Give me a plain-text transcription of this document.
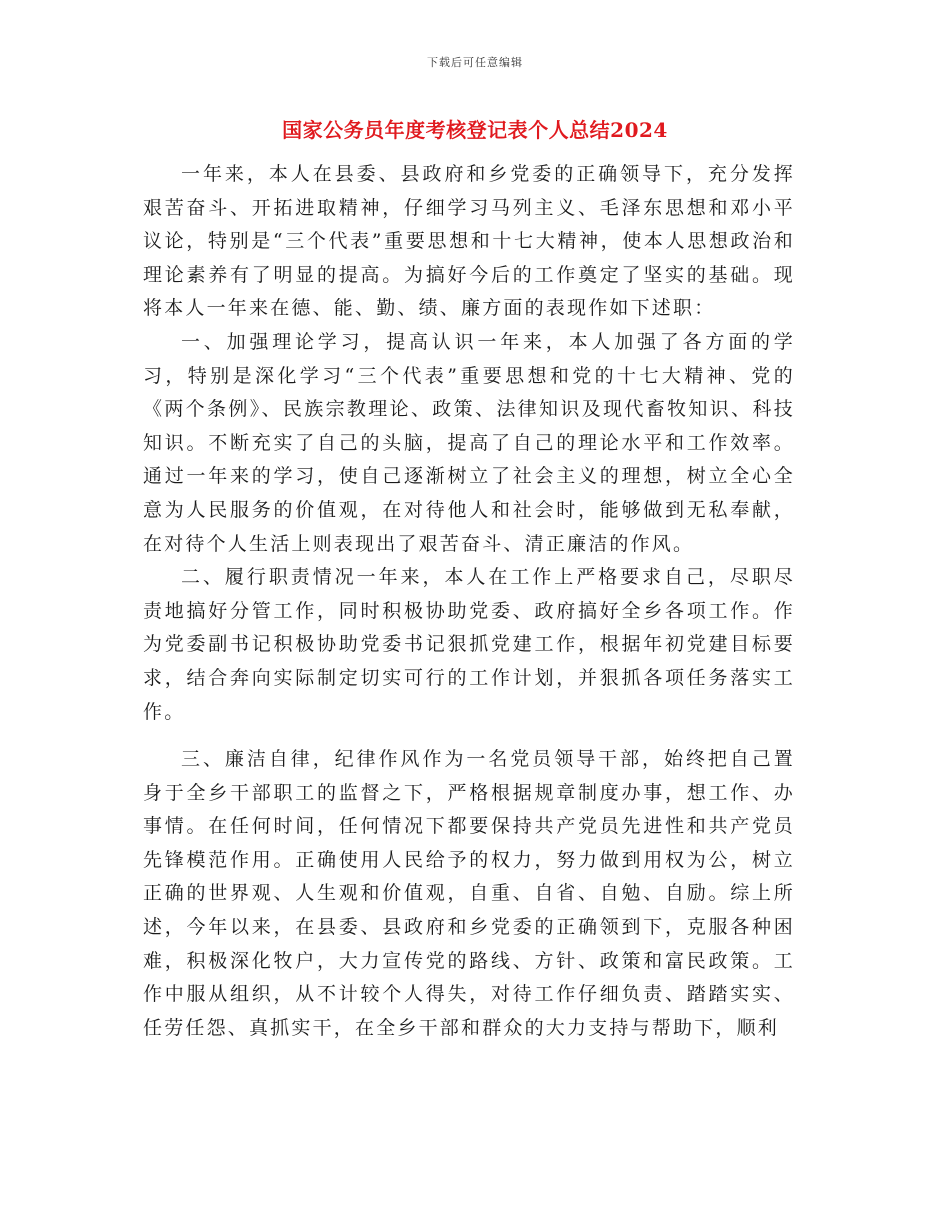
下载后可任意编辑
国家公务员年度考核登记表个人总结2024

一年来，本人在县委、县政府和乡党委的正确领导下，充分发挥艰苦奋斗、开拓进取精神，仔细学习马列主义、毛泽东思想和邓小平议论，特别是“三个代表”重要思想和十七大精神，使本人思想政治和理论素养有了明显的提高。为搞好今后的工作奠定了坚实的基础。现将本人一年来在德、能、勤、绩、廉方面的表现作如下述职：

一、加强理论学习，提高认识一年来，本人加强了各方面的学习，特别是深化学习“三个代表”重要思想和党的十七大精神、党的《两个条例》、民族宗教理论、政策、法律知识及现代畜牧知识、科技知识。不断充实了自己的头脑，提高了自己的理论水平和工作效率。通过一年来的学习，使自己逐渐树立了社会主义的理想，树立全心全意为人民服务的价值观，在对待他人和社会时，能够做到无私奉献，在对待个人生活上则表现出了艰苦奋斗、清正廉洁的作风。

二、履行职责情况一年来，本人在工作上严格要求自己，尽职尽责地搞好分管工作，同时积极协助党委、政府搞好全乡各项工作。作为党委副书记积极协助党委书记狠抓党建工作，根据年初党建目标要求，结合奔向实际制定切实可行的工作计划，并狠抓各项任务落实工作。

三、廉洁自律，纪律作风作为一名党员领导干部，始终把自己置身于全乡干部职工的监督之下，严格根据规章制度办事，想工作、办事情。在任何时间，任何情况下都要保持共产党员先进性和共产党员先锋模范作用。正确使用人民给予的权力，努力做到用权为公，树立正确的世界观、人生观和价值观，自重、自省、自勉、自励。综上所述，今年以来，在县委、县政府和乡党委的正确领到下，克服各种困难，积极深化牧户，大力宣传党的路线、方针、政策和富民政策。工作中服从组织，从不计较个人得失，对待工作仔细负责、踏踏实实、任劳任怨、真抓实干，在全乡干部和群众的大力支持与帮助下，顺利
